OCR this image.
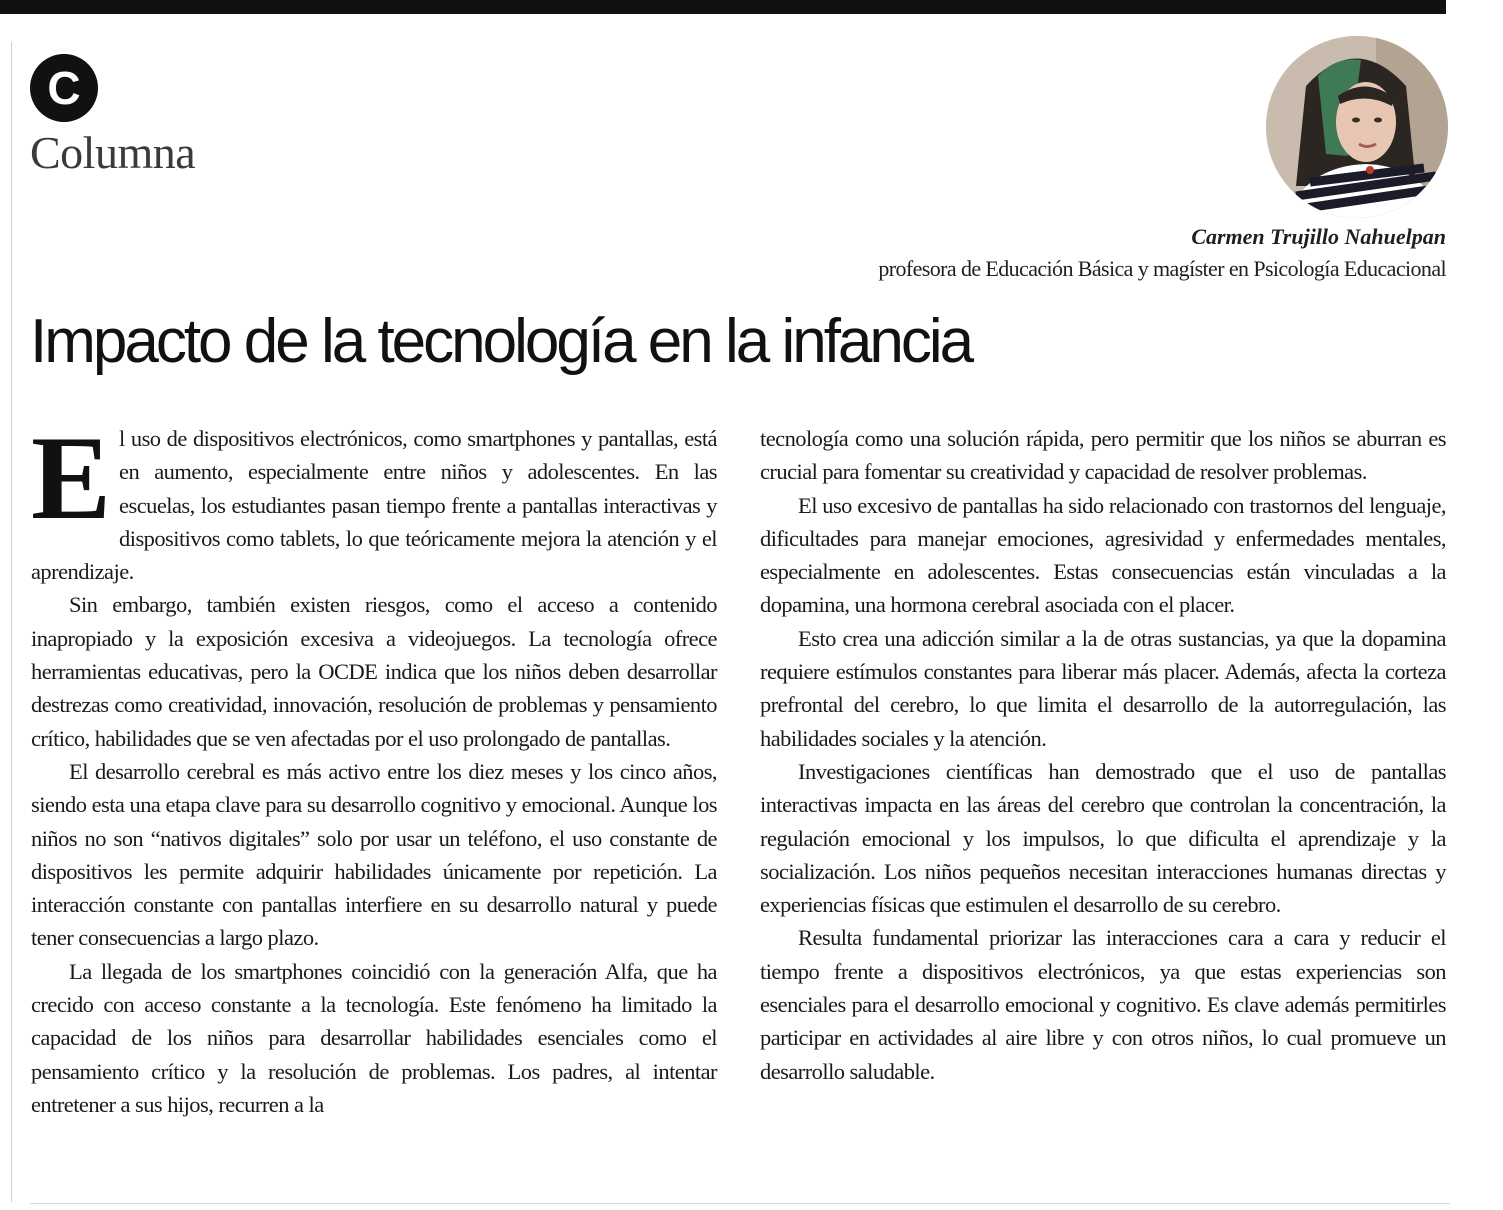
C
Columna
Carmen Trujillo Nahuelpan
profesora de Educación Básica y magíster en Psicología Educacional
Impacto de la tecnología en la infancia

El uso de dispositivos electrónicos, como smartphones y pantallas, está en aumento, especialmente entre niños y adolescentes. En las escuelas, los estudiantes pasan tiempo frente a pantallas interactivas y dispositivos como tablets, lo que teóricamente mejora la atención y el aprendizaje.

Sin embargo, también existen riesgos, como el acceso a contenido inapropiado y la exposición excesiva a videojuegos. La tecnología ofrece herramientas educativas, pero la OCDE indica que los niños deben desarrollar destrezas como creatividad, innovación, resolución de problemas y pensamiento crítico, habilidades que se ven afectadas por el uso prolongado de pantallas.

El desarrollo cerebral es más activo entre los diez meses y los cinco años, siendo esta una etapa clave para su desarrollo cognitivo y emocional. Aunque los niños no son “nativos digitales” solo por usar un teléfono, el uso constante de dispositivos les permite adquirir habilidades únicamente por repetición. La interacción constante con pantallas interfiere en su desarrollo natural y puede tener consecuencias a largo plazo.

La llegada de los smartphones coincidió con la generación Alfa, que ha crecido con acceso constante a la tecnología. Este fenómeno ha limitado la capacidad de los niños para desarrollar habilidades esenciales como el pensamiento crítico y la resolución de problemas. Los padres, al intentar entretener a sus hijos, recurren a la

tecnología como una solución rápida, pero permitir que los niños se aburran es crucial para fomentar su creatividad y capacidad de resolver problemas.

El uso excesivo de pantallas ha sido relacionado con trastornos del lenguaje, dificultades para manejar emociones, agresividad y enfermedades mentales, especialmente en adolescentes. Estas consecuencias están vinculadas a la dopamina, una hormona cerebral asociada con el placer.

Esto crea una adicción similar a la de otras sustancias, ya que la dopamina requiere estímulos constantes para liberar más placer. Además, afecta la corteza prefrontal del cerebro, lo que limita el desarrollo de la autorregulación, las habilidades sociales y la atención.

Investigaciones científicas han demostrado que el uso de pantallas interactivas impacta en las áreas del cerebro que controlan la concentración, la regulación emocional y los impulsos, lo que dificulta el aprendizaje y la socialización. Los niños pequeños necesitan interacciones humanas directas y experiencias físicas que estimulen el desarrollo de su cerebro.

Resulta fundamental priorizar las interacciones cara a cara y reducir el tiempo frente a dispositivos electrónicos, ya que estas experiencias son esenciales para el desarrollo emocional y cognitivo. Es clave además permitirles participar en actividades al aire libre y con otros niños, lo cual promueve un desarrollo saludable.
